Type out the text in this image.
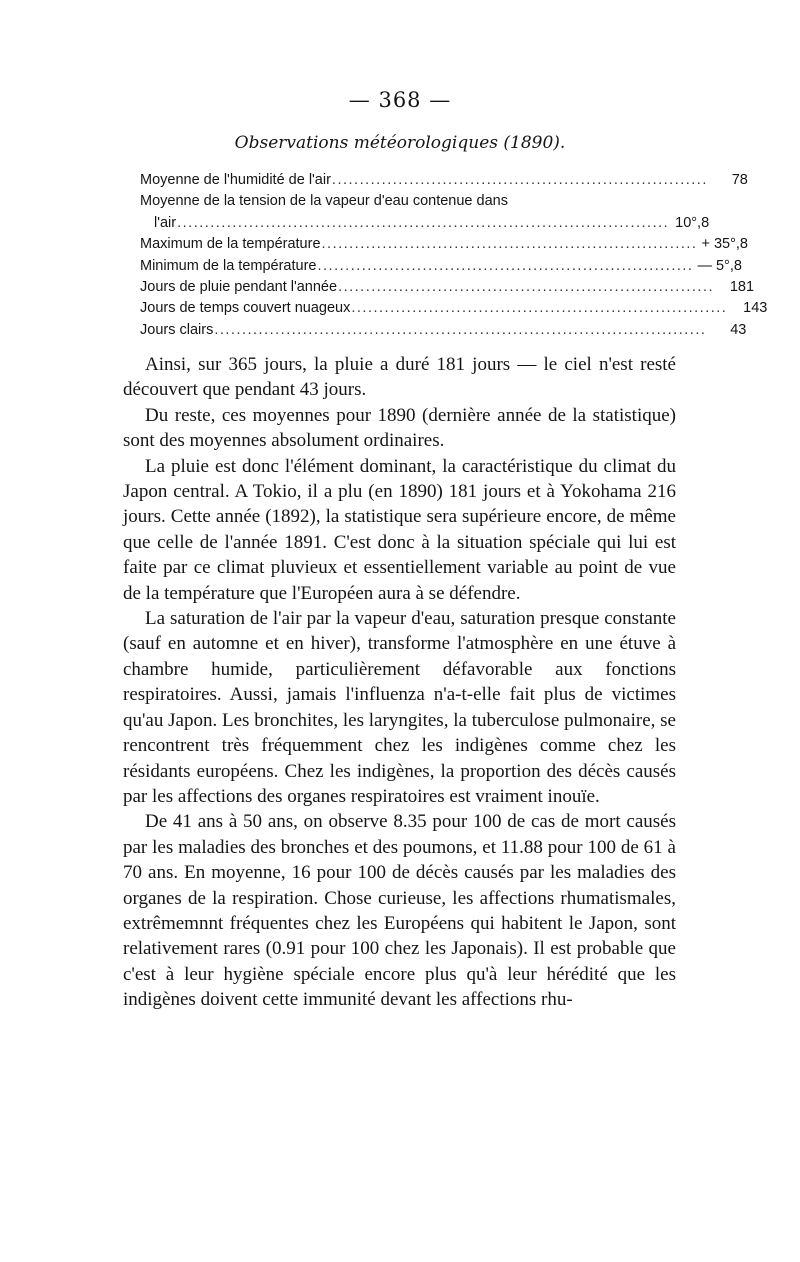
— 368 —
Observations météorologiques (1890).
Moyenne de l'humidité de l'air ....................................................................	78
Moyenne de la tension de la vapeur d'eau contenue dans
l'air ......................................................................................... 10°,8
Maximum de la température .................................................................... + 35°,8
Minimum de la température .................................................................... — 5°,8
Jours de pluie pendant l'année ....................................................................	181
Jours de temps couvert nuageux ....................................................................	143
Jours clairs .........................................................................................	43

Ainsi, sur 365 jours, la pluie a duré 181 jours — le ciel n'est resté découvert que pendant 43 jours.

Du reste, ces moyennes pour 1890 (dernière année de la statistique) sont des moyennes absolument ordinaires.

La pluie est donc l'élément dominant, la caractéristique du climat du Japon central. A Tokio, il a plu (en 1890) 181 jours et à Yokohama 216 jours. Cette année (1892), la statistique sera supérieure encore, de même que celle de l'année 1891. C'est donc à la situation spéciale qui lui est faite par ce climat pluvieux et essentiellement variable au point de vue de la température que l'Européen aura à se défendre.

La saturation de l'air par la vapeur d'eau, saturation presque constante (sauf en automne et en hiver), transforme l'atmosphère en une étuve à chambre humide, particulièrement défavorable aux fonctions respiratoires. Aussi, jamais l'influenza n'a-t-elle fait plus de victimes qu'au Japon. Les bronchites, les laryngites, la tuberculose pulmonaire, se rencontrent très fréquemment chez les indigènes comme chez les résidants européens. Chez les indigènes, la proportion des décès causés par les affections des organes respiratoires est vraiment inouïe.

De 41 ans à 50 ans, on observe 8.35 pour 100 de cas de mort causés par les maladies des bronches et des poumons, et 11.88 pour 100 de 61 à 70 ans. En moyenne, 16 pour 100 de décès causés par les maladies des organes de la respiration. Chose curieuse, les affections rhumatismales, extrêmemnnt fréquentes chez les Européens qui habitent le Japon, sont relativement rares (0.91 pour 100 chez les Japonais). Il est probable que c'est à leur hygiène spéciale encore plus qu'à leur hérédité que les indigènes doivent cette immunité devant les affections rhu-
